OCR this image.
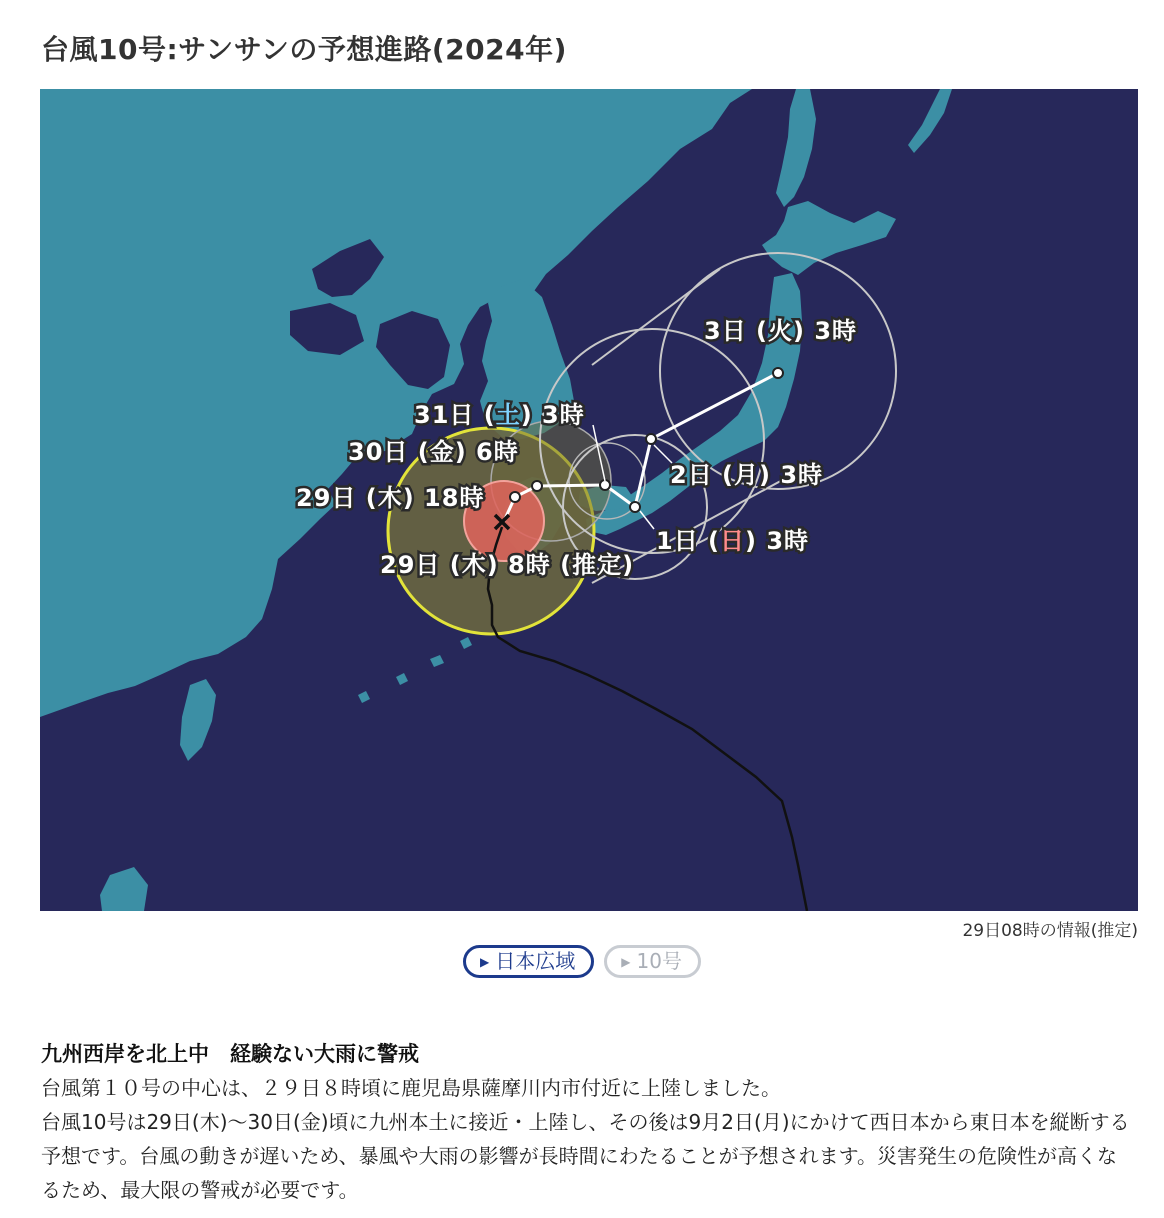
台風10号:サンサンの予想進路(2024年)
3日 (火) 3時
31日 (土) 3時
30日 (金) 6時
2日 (月) 3時
29日 (木) 18時
1日 (日) 3時
29日 (木) 8時 (推定)
29日08時の情報(推定)
▶ 日本広域	▶ 10号
九州西岸を北上中　経験ない大雨に警戒

台風第１０号の中心は、２９日８時頃に鹿児島県薩摩川内市付近に上陸しました。

台風10号は29日(木)～30日(金)頃に九州本土に接近・上陸し、その後は9月2日(月)にかけて西日本から東日本を縦断する予想です。台風の動きが遅いため、暴風や大雨の影響が長時間にわたることが予想されます。災害発生の危険性が高くなるため、最大限の警戒が必要です。
